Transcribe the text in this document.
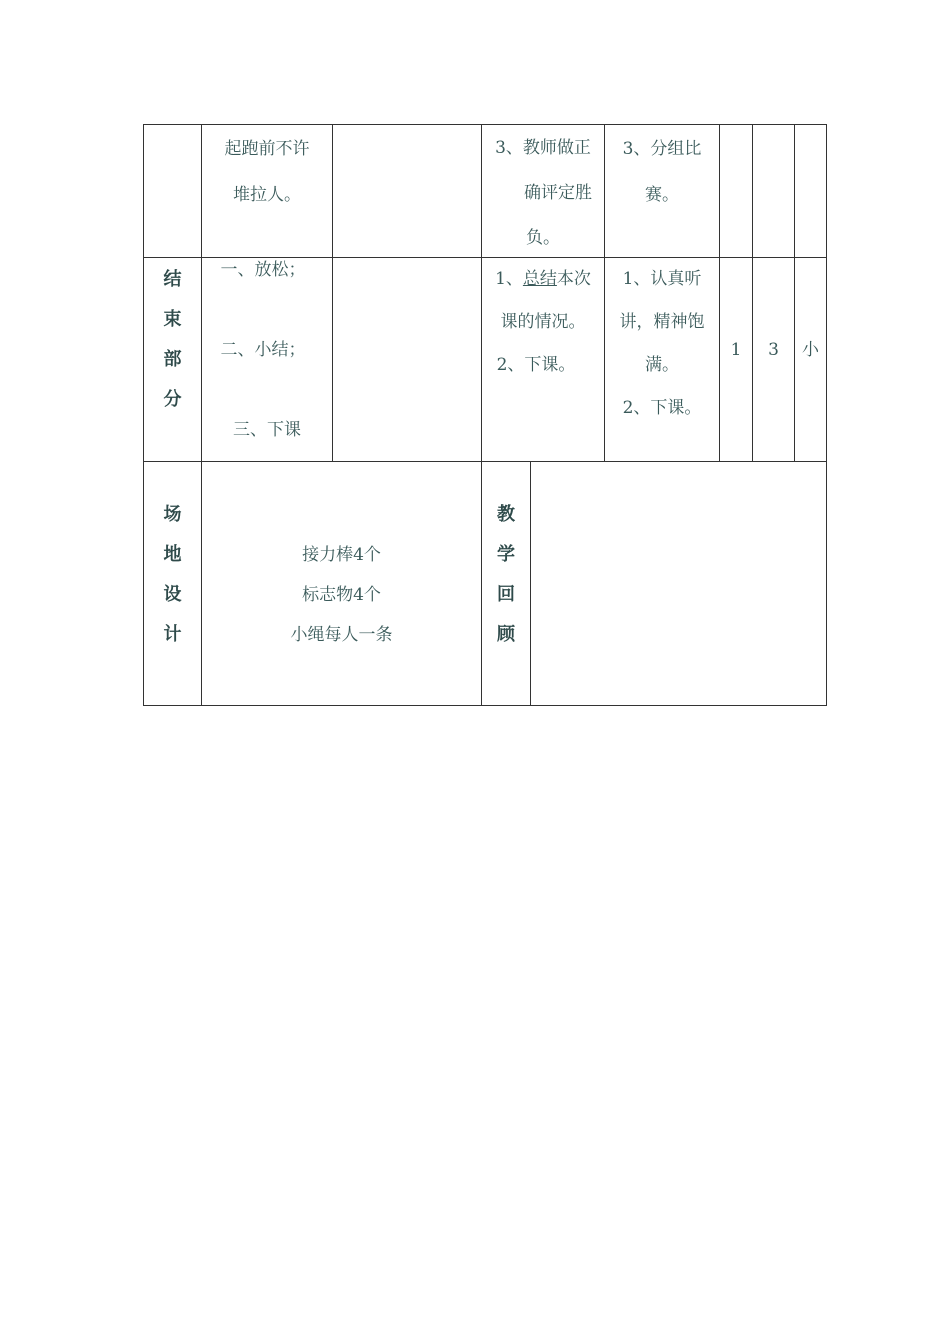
起跑前不许
堆拉人。
3、教师做正
确评定胜
负。
3、分组比
赛。
结
束
部
分
一、放松；
二、小结；
三、下课
1、总结本次
课的情况。
2、下课。
1、认真听
讲，精神饱
满。
2、下课。
1	3	小
场
地
设
计
接力棒4个
标志物4个
小绳每人一条
教
学
回
顾
